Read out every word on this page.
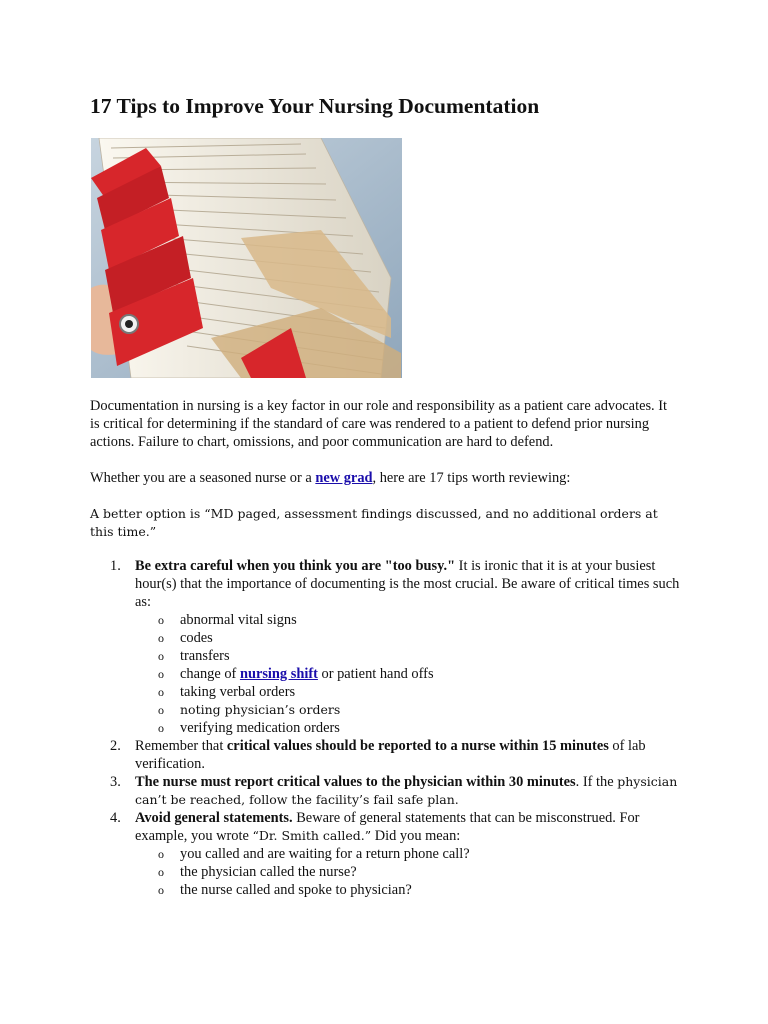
17 Tips to Improve Your Nursing Documentation

Documentation in nursing is a key factor in our role and responsibility as a patient care advocates. It is critical for determining if the standard of care was rendered to a patient to defend prior nursing actions. Failure to chart, omissions, and poor communication are hard to defend.

Whether you are a seasoned nurse or a new grad, here are 17 tips worth reviewing:

A better option is “MD paged, assessment findings discussed, and no additional orders at this time.”

1. Be extra careful when you think you are "too busy." It is ironic that it is at your busiest hour(s) that the importance of documenting is the most crucial. Be aware of critical times such as:
o abnormal vital signs
o codes
o transfers
o change of nursing shift or patient hand offs
o taking verbal orders
o noting physician’s orders
o verifying medication orders
2. Remember that critical values should be reported to a nurse within 15 minutes of lab verification.
3. The nurse must report critical values to the physician within 30 minutes. If the physician can’t be reached, follow the facility’s fail safe plan.
4. Avoid general statements. Beware of general statements that can be misconstrued. For example, you wrote “Dr. Smith called.” Did you mean:
o you called and are waiting for a return phone call?
o the physician called the nurse?
o the nurse called and spoke to physician?
